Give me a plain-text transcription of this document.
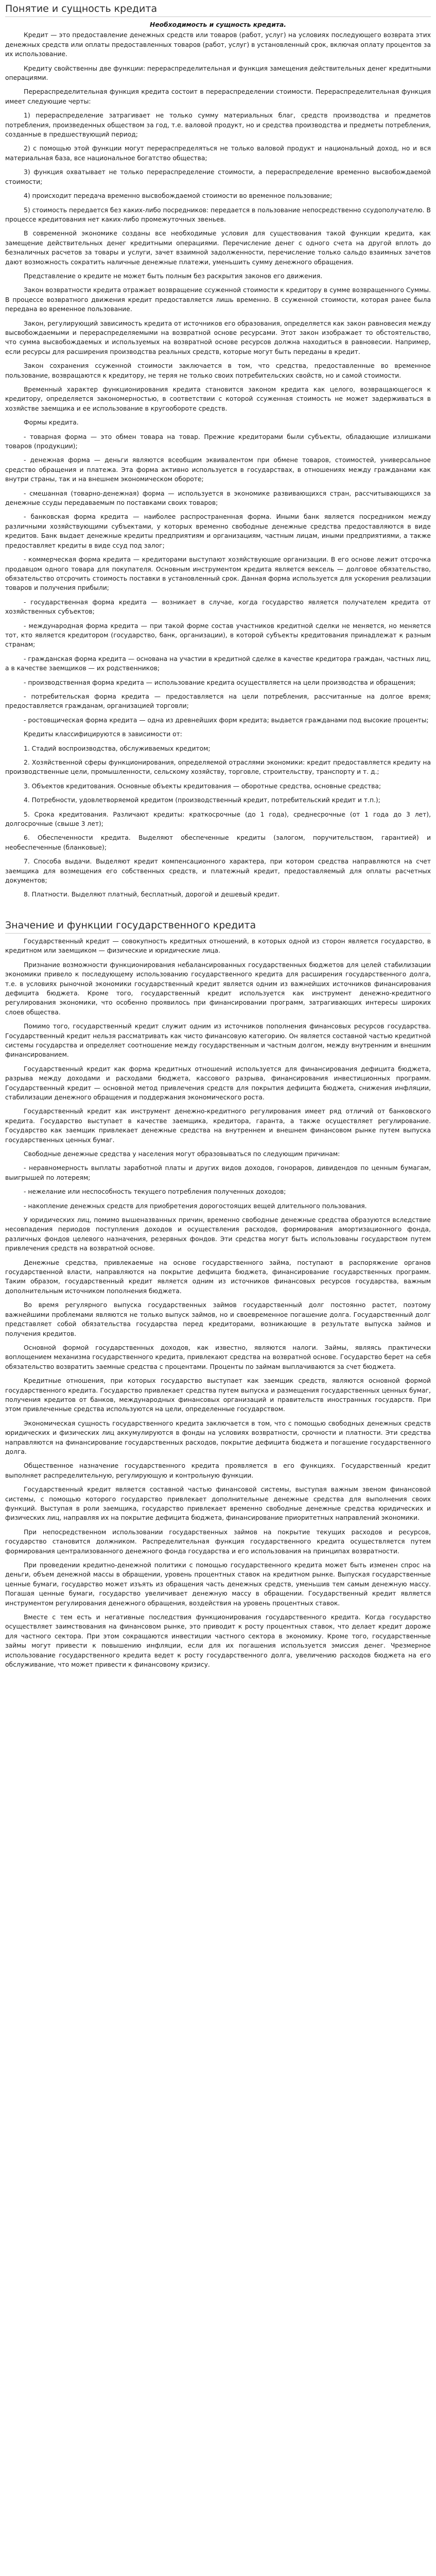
Понятие и сущность кредита
Необходимость и сущность кредита.

Кредит — это предоставление денежных средств или товаров (работ, услуг) на условиях последующего возврата этих денежных средств или оплаты предоставленных товаров (работ, услуг) в установленный срок, включая оплату процентов за их использование.

Кредиту свойственны две функции: перераспределительная и функция замещения действительных денег кредитными операциями.

Перераспределительная функция кредита состоит в перераспределении стоимости. Перераспределительная функция имеет следующие черты:

1) перераспределение затрагивает не только сумму материальных благ, средств производства и предметов потребления, произведенных обществом за год, т.е. валовой продукт, но и средства производства и предметы потребления, созданные в предшествующий период;

2) с помощью этой функции могут перераспределяться не только валовой продукт и национальный доход, но и вся материальная база, все национальное богатство общества;

3) функция охватывает не только перераспределение стоимости, а перераспределение временно высвобождаемой стоимости;

4) происходит передача временно высвобождаемой стоимости во временное пользование;

5) стоимость передается без каких-либо посредников: передается в пользование непосредственно ссудополучателю. В процессе кредитования нет каких-либо промежуточных звеньев.

В современной экономике созданы все необходимые условия для существования такой функции кредита, как замещение действительных денег кредитными операциями. Перечисление денег с одного счета на другой вплоть до безналичных расчетов за товары и услуги, зачет взаимной задолженности, перечисление только сальдо взаимных зачетов дают возможность сократить наличные денежные платежи, уменьшить сумму денежного обращения.

Представление о кредите не может быть полным без раскрытия законов его движения.

Закон возвратности кредита отражает возвращение ссуженной стоимости к кредитору в сумме возвращенного Суммы. В процессе возвратного движения кредит предоставляется лишь временно. В ссуженной стоимости, которая ранее была передана во временное пользование.

Закон, регулирующий зависимость кредита от источников его образования, определяется как закон равновесия между высвобождаемыми и перераспределяемыми на возвратной основе ресурсами. Этот закон изображает то обстоятельство, что сумма высвобождаемых и используемых на возвратной основе ресурсов должна находиться в равновесии. Например, если ресурсы для расширения производства реальных средств, которые могут быть переданы в кредит.

Закон сохранения ссуженной стоимости заключается в том, что средства, предоставленные во временное пользование, возвращаются к кредитору, не теряя не только своих потребительских свойств, но и самой стоимости.

Временный характер функционирования кредита становится законом кредита как целого, возвращающегося к кредитору, определяется закономерностью, в соответствии с которой ссуженная стоимость не может задерживаться в хозяйстве заемщика и ее использование в кругообороте средств.

Формы кредита.

- товарная форма — это обмен товара на товар. Прежние кредиторами были субъекты, обладающие излишками товаров (продукции);

- денежная форма — деньги являются всеобщим эквивалентом при обмене товаров, стоимостей, универсальное средство обращения и платежа. Эта форма активно используется в государствах, в отношениях между гражданами как внутри страны, так и на внешнем экономическом обороте;

- смешанная (товарно-денежная) форма — используется в экономике развивающихся стран, рассчитывающихся за денежные ссуды передаваемым по поставками своих товаров;

- банковская форма кредита — наиболее распространенная форма. Иными банк является посредником между различными хозяйствующими субъектами, у которых временно свободные денежные средства предоставляются в виде кредитов. Банк выдает денежные кредиты предприятиям и организациям, частным лицам, иными предприятиями, а также предоставляет кредиты в виде ссуд под залог;

- коммерческая форма кредита — кредиторами выступают хозяйствующие организации. В его основе лежит отсрочка продавцом одного товара для покупателя. Основным инструментом кредита является вексель — долговое обязательство, обязательство отсрочить стоимость поставки в установленный срок. Данная форма используется для ускорения реализации товаров и получения прибыли;

- государственная форма кредита — возникает в случае, когда государство является получателем кредита от хозяйственных субъектов;

- международная форма кредита — при такой форме состав участников кредитной сделки не меняется, но меняется тот, кто является кредитором (государство, банк, организации), в которой субъекты кредитования принадлежат к разным странам;

- гражданская форма кредита — основана на участии в кредитной сделке в качестве кредитора граждан, частных лиц, а в качестве заемщиков — их родственников;

- производственная форма кредита — использование кредита осуществляется на цели производства и обращения;

- потребительская форма кредита — предоставляется на цели потребления, рассчитанные на долгое время; предоставляется гражданам, организацией торговли;

- ростовщическая форма кредита — одна из древнейших форм кредита; выдается гражданами под высокие проценты;

Кредиты классифицируются в зависимости от:

1. Стадий воспроизводства, обслуживаемых кредитом;

2. Хозяйственной сферы функционирования, определяемой отраслями экономики: кредит предоставляется кредиту на производственные цели, промышленности, сельскому хозяйству, торговле, строительству, транспорту и т. д.;

3. Объектов кредитования. Основные объекты кредитования — оборотные средства, основные средства;

4. Потребности, удовлетворяемой кредитом (производственный кредит, потребительский кредит и т.п.);

5. Срока кредитования. Различают кредиты: краткосрочные (до 1 года), среднесрочные (от 1 года до 3 лет), долгосрочные (свыше 3 лет);

6. Обеспеченности кредита. Выделяют обеспеченные кредиты (залогом, поручительством, гарантией) и необеспеченные (бланковые);

7. Способа выдачи. Выделяют кредит компенсационного характера, при котором средства направляются на счет заемщика для возмещения его собственных средств, и платежный кредит, предоставляемый для оплаты расчетных документов;

8. Платности. Выделяют платный, бесплатный, дорогой и дешевый кредит.

Значение и функции государственного кредита

Государственный кредит — совокупность кредитных отношений, в которых одной из сторон является государство, в кредитном или заемщиком — физические и юридические лица.

Признание возможности функционирования небалансированных государственных бюджетов для целей стабилизации экономики привело к последующему использованию государственного кредита для расширения государственного долга, т.е. в условиях рыночной экономики государственный кредит является одним из важнейших источников финансирования дефицита бюджета. Кроме того, государственный кредит используется как инструмент денежно-кредитного регулирования экономики, что особенно проявилось при финансировании программ, затрагивающих интересы широких слоев общества.

Помимо того, государственный кредит служит одним из источников пополнения финансовых ресурсов государства. Государственный кредит нельзя рассматривать как чисто финансовую категорию. Он является составной частью кредитной системы государства и определяет соотношение между государственным и частным долгом, между внутренним и внешним финансированием.

Государственный кредит как форма кредитных отношений используется для финансирования дефицита бюджета, разрыва между доходами и расходами бюджета, кассового разрыва, финансирования инвестиционных программ. Государственный кредит — основной метод привлечения средств для покрытия дефицита бюджета, снижения инфляции, стабилизации денежного обращения и поддержания экономического роста.

Государственный кредит как инструмент денежно-кредитного регулирования имеет ряд отличий от банковского кредита. Государство выступает в качестве заемщика, кредитора, гаранта, а также осуществляет регулирование. Государство как заемщик привлекает денежные средства на внутреннем и внешнем финансовом рынке путем выпуска государственных ценных бумаг.

Свободные денежные средства у населения могут образовываться по следующим причинам:

- неравномерность выплаты заработной платы и других видов доходов, гонораров, дивидендов по ценным бумагам, выигрышей по лотереям;

- нежелание или неспособность текущего потребления полученных доходов;

- накопление денежных средств для приобретения дорогостоящих вещей длительного пользования.

У юридических лиц, помимо вышеназванных причин, временно свободные денежные средства образуются вследствие несовпадения периодов поступления доходов и осуществления расходов, формирования амортизационного фонда, различных фондов целевого назначения, резервных фондов. Эти средства могут быть использованы государством путем привлечения средств на возвратной основе.

Денежные средства, привлекаемые на основе государственного займа, поступают в распоряжение органов государственной власти, направляются на покрытие дефицита бюджета, финансирование государственных программ. Таким образом, государственный кредит является одним из источников финансовых ресурсов государства, важным дополнительным источником пополнения бюджета.

Во время регулярного выпуска государственных займов государственный долг постоянно растет, поэтому важнейшими проблемами являются не только выпуск займов, но и своевременное погашение долга. Государственный долг представляет собой обязательства государства перед кредиторами, возникающие в результате выпуска займов и получения кредитов.

Основной формой государственных доходов, как известно, являются налоги. Займы, являясь практически воплощением механизма государственного кредита, привлекают средства на возвратной основе. Государство берет на себя обязательство возвратить заемные средства с процентами. Проценты по займам выплачиваются за счет бюджета.

Кредитные отношения, при которых государство выступает как заемщик средств, являются основной формой государственного кредита. Государство привлекает средства путем выпуска и размещения государственных ценных бумаг, получения кредитов от банков, международных финансовых организаций и правительств иностранных государств. При этом привлеченные средства используются на цели, определенные государством.

Экономическая сущность государственного кредита заключается в том, что с помощью свободных денежных средств юридических и физических лиц аккумулируются в фонды на условиях возвратности, срочности и платности. Эти средства направляются на финансирование государственных расходов, покрытие дефицита бюджета и погашение государственного долга.

Общественное назначение государственного кредита проявляется в его функциях. Государственный кредит выполняет распределительную, регулирующую и контрольную функции.

Государственный кредит является составной частью финансовой системы, выступая важным звеном финансовой системы, с помощью которого государство привлекает дополнительные денежные средства для выполнения своих функций. Выступая в роли заемщика, государство привлекает временно свободные денежные средства юридических и физических лиц, направляя их на покрытие дефицита бюджета, финансирование приоритетных направлений экономики.

При непосредственном использовании государственных займов на покрытие текущих расходов и ресурсов, государство становится должником. Распределительная функция государственного кредита осуществляется путем формирования централизованного денежного фонда государства и его использования на принципах возвратности.

При проведении кредитно-денежной политики с помощью государственного кредита может быть изменен спрос на деньги, объем денежной массы в обращении, уровень процентных ставок на кредитном рынке. Выпуская государственные ценные бумаги, государство может изъять из обращения часть денежных средств, уменьшив тем самым денежную массу. Погашая ценные бумаги, государство увеличивает денежную массу в обращении. Государственный кредит является инструментом регулирования денежного обращения, воздействия на уровень процентных ставок.

Вместе с тем есть и негативные последствия функционирования государственного кредита. Когда государство осуществляет заимствования на финансовом рынке, это приводит к росту процентных ставок, что делает кредит дороже для частного сектора. При этом сокращаются инвестиции частного сектора в экономику. Кроме того, государственные займы могут привести к повышению инфляции, если для их погашения используется эмиссия денег. Чрезмерное использование государственного кредита ведет к росту государственного долга, увеличению расходов бюджета на его обслуживание, что может привести к финансовому кризису.
